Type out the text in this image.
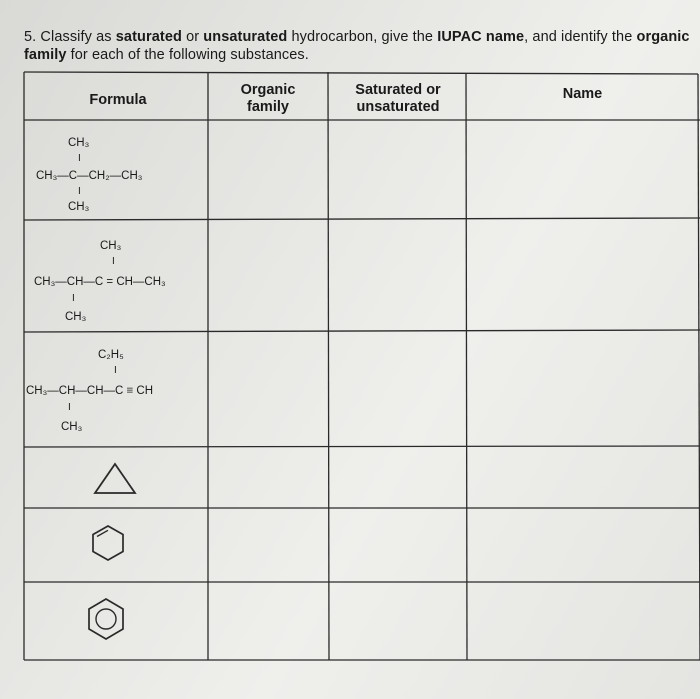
5. Classify as saturated or unsaturated hydrocarbon, give the IUPAC name, and identify the organic family for each of the following substances.
Formula
Organic
family
Saturated or
unsaturated
Name
CH₃
I
CH₃—C—CH₂—CH₃
I
CH₃
CH₃
I
CH₃—CH—C = CH—CH₃
I
CH₃
C₂H₅
I
CH₃—CH—CH—C ≡ CH
I
CH₃
